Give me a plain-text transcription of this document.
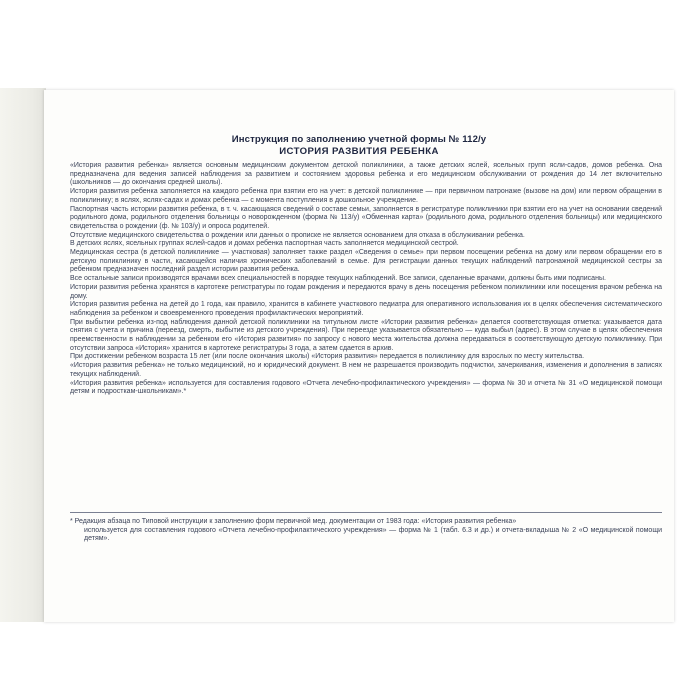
Инструкция по заполнению учетной формы № 112/у
ИСТОРИЯ РАЗВИТИЯ РЕБЕНКА

«История развития ребенка» является основным медицинским документом детской поликлиники, а также детских яслей, ясельных групп ясли-садов, домов ребенка. Она предназначена для ведения записей наблюдения за развитием и состоянием здоровья ребенка и его медицинском обслуживании от рождения до 14 лет включительно (школьников — до окончания средней школы).

История развития ребенка заполняется на каждого ребенка при взятии его на учет: в детской поликлинике — при первичном патронаже (вызове на дом) или первом обращении в поликлинику; в яслях, яслях-садах и домах ребенка — с момента поступления в дошкольное учреждение.

Паспортная часть истории развития ребенка, в т. ч. касающаяся сведений о составе семьи, заполняется в регистратуре поликлиники при взятии его на учет на основании сведений родильного дома, родильного отделения больницы о новорожденном (форма № 113/у) «Обменная карта» (родильного дома, родильного отделения больницы) или медицинского свидетельства о рождении (ф. № 103/у) и опроса родителей.

Отсутствие медицинского свидетельства о рождении или данных о прописке не является основанием для отказа в обслуживании ребенка.

В детских яслях, ясельных группах яслей-садов и домах ребенка паспортная часть заполняется медицинской сестрой.

Медицинская сестра (в детской поликлинике — участковая) заполняет также раздел «Сведения о семье» при первом посещении ребенка на дому или первом обращении его в детскую поликлинику в части, касающейся наличия хронических заболеваний в семье. Для регистрации данных текущих наблюдений патронажной медицинской сестры за ребенком предназначен последний раздел истории развития ребенка.

Все остальные записи производятся врачами всех специальностей в порядке текущих наблюдений. Все записи, сделанные врачами, должны быть ими подписаны.

Истории развития ребенка хранятся в картотеке регистратуры по годам рождения и передаются врачу в день посещения ребенком поликлиники или посещения врачом ребенка на дому.

История развития ребенка на детей до 1 года, как правило, хранится в кабинете участкового педиатра для оперативного использования их в целях обеспечения систематического наблюдения за ребенком и своевременного проведения профилактических мероприятий.

При выбытии ребенка из-под наблюдения данной детской поликлиники на титульном листе «Истории развития ребенка» делается соответствующая отметка: указывается дата снятия с учета и причина (переезд, смерть, выбытие из детского учреждения). При переезде указывается обязательно — куда выбыл (адрес). В этом случае в целях обеспечения преемственности в наблюдении за ребенком его «История развития» по запросу с нового места жительства должна передаваться в соответствующую детскую поликлинику. При отсутствии запроса «История» хранится в картотеке регистратуры 3 года, а затем сдается в архив.

При достижении ребенком возраста 15 лет (или после окончания школы) «История развития» передается в поликлинику для взрослых по месту жительства.

«История развития ребенка» не только медицинский, но и юридический документ. В нем не разрешается производить подчистки, зачеркивания, изменения и дополнения в записях текущих наблюдений.

«История развития ребенка» используется для составления годового «Отчета лечебно-профилактического учреждения» — форма № 30 и отчета № 31 «О медицинской помощи детям и подросткам-школьникам».*

* Редакция абзаца по Типовой инструкции к заполнению форм первичной мед. документации от 1983 года: «История развития ребенка»

используется для составления годового «Отчета лечебно-профилактического учреждения» — форма № 1 (табл. 6.3 и др.) и отчета-вкладыша № 2 «О медицинской помощи детям».
